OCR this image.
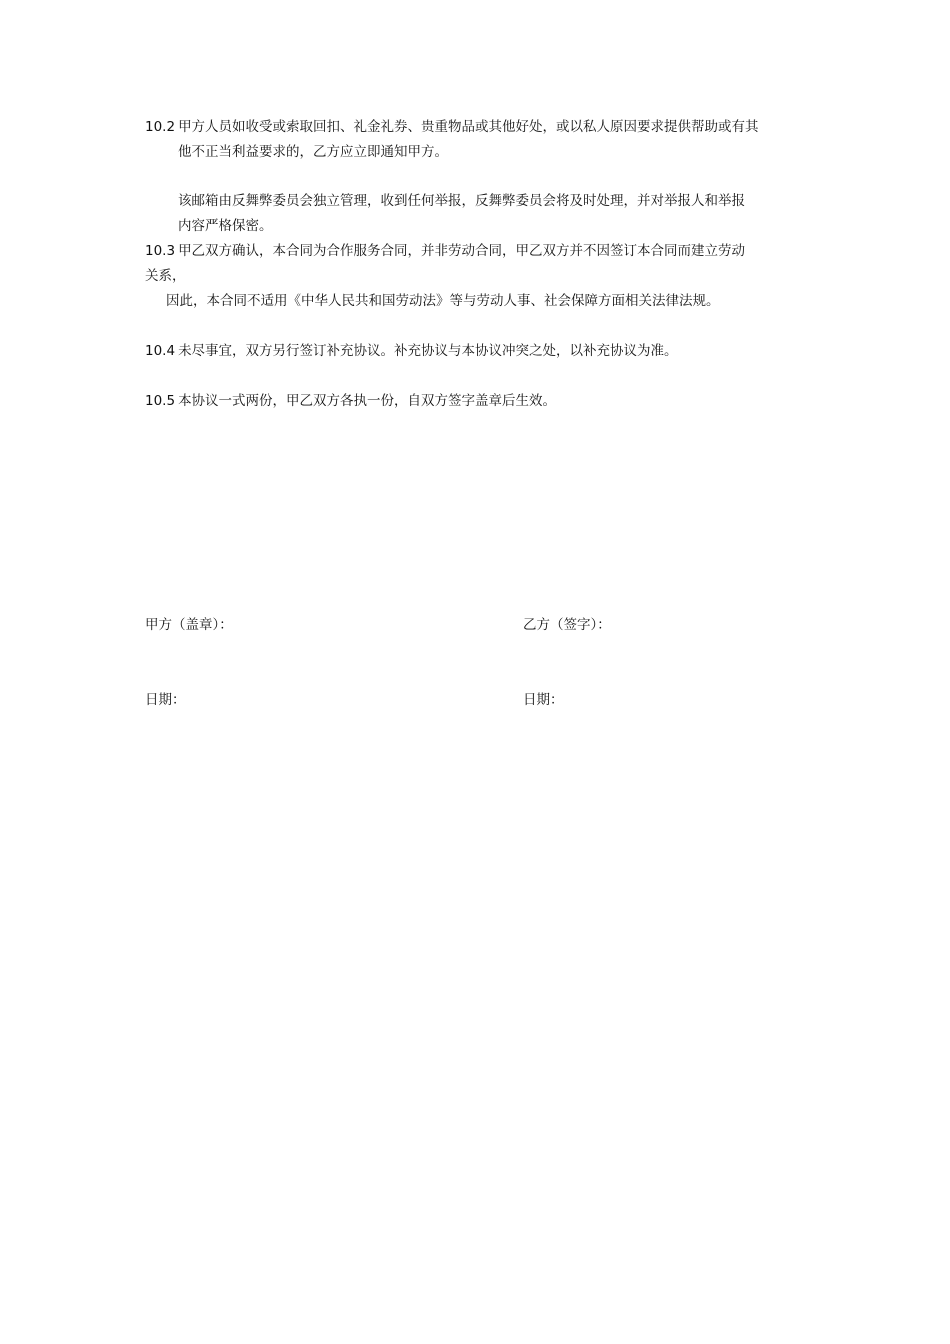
10.2 甲方人员如收受或索取回扣、礼金礼券、贵重物品或其他好处，或以私人原因要求提供帮助或有其
他不正当利益要求的，乙方应立即通知甲方。
该邮箱由反舞弊委员会独立管理，收到任何举报，反舞弊委员会将及时处理，并对举报人和举报
内容严格保密。
10.3 甲乙双方确认，本合同为合作服务合同，并非劳动合同，甲乙双方并不因签订本合同而建立劳动
关系，
因此，本合同不适用《中华人民共和国劳动法》等与劳动人事、社会保障方面相关法律法规。
10.4 未尽事宜，双方另行签订补充协议。补充协议与本协议冲突之处，以补充协议为准。
10.5 本协议一式两份，甲乙双方各执一份，自双方签字盖章后生效。
甲方（盖章）：	乙方（签字）：
日期：	日期：
